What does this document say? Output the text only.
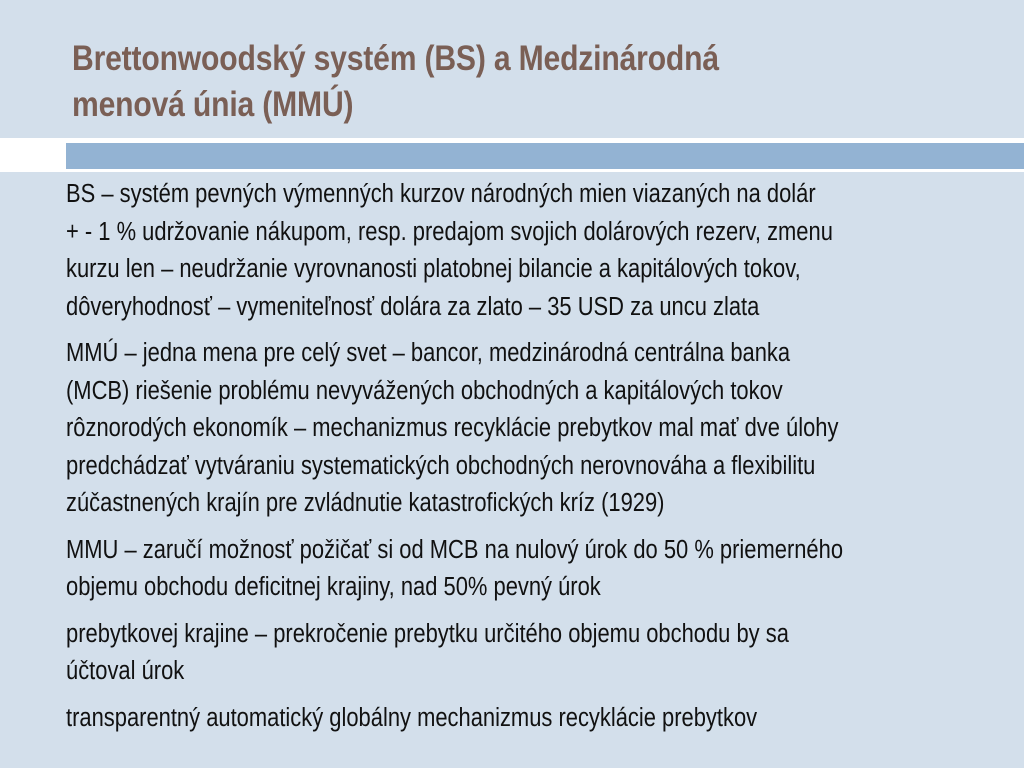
Brettonwoodský systém (BS) a Medzinárodná
menová únia (MMÚ)

BS – systém pevných výmenných kurzov národných mien viazaných na dolár
+ - 1 % udržovanie nákupom, resp. predajom svojich dolárových rezerv, zmenu
kurzu len – neudržanie vyrovnanosti platobnej bilancie a kapitálových tokov,
dôveryhodnosť – vymeniteľnosť dolára za zlato – 35 USD za uncu zlata

MMÚ – jedna mena pre celý svet – bancor, medzinárodná centrálna banka
(MCB) riešenie problému nevyvážených obchodných a kapitálových tokov
rôznorodých ekonomík – mechanizmus recyklácie prebytkov mal mať dve úlohy
predchádzať vytváraniu systematických obchodných nerovnováha a flexibilitu
zúčastnených krajín pre zvládnutie katastrofických kríz (1929)

MMU – zaručí možnosť požičať si od MCB na nulový úrok do 50 % priemerného
objemu obchodu deficitnej krajiny, nad 50% pevný úrok

prebytkovej krajine – prekročenie prebytku určitého objemu obchodu by sa
účtoval úrok

transparentný automatický globálny mechanizmus recyklácie prebytkov
